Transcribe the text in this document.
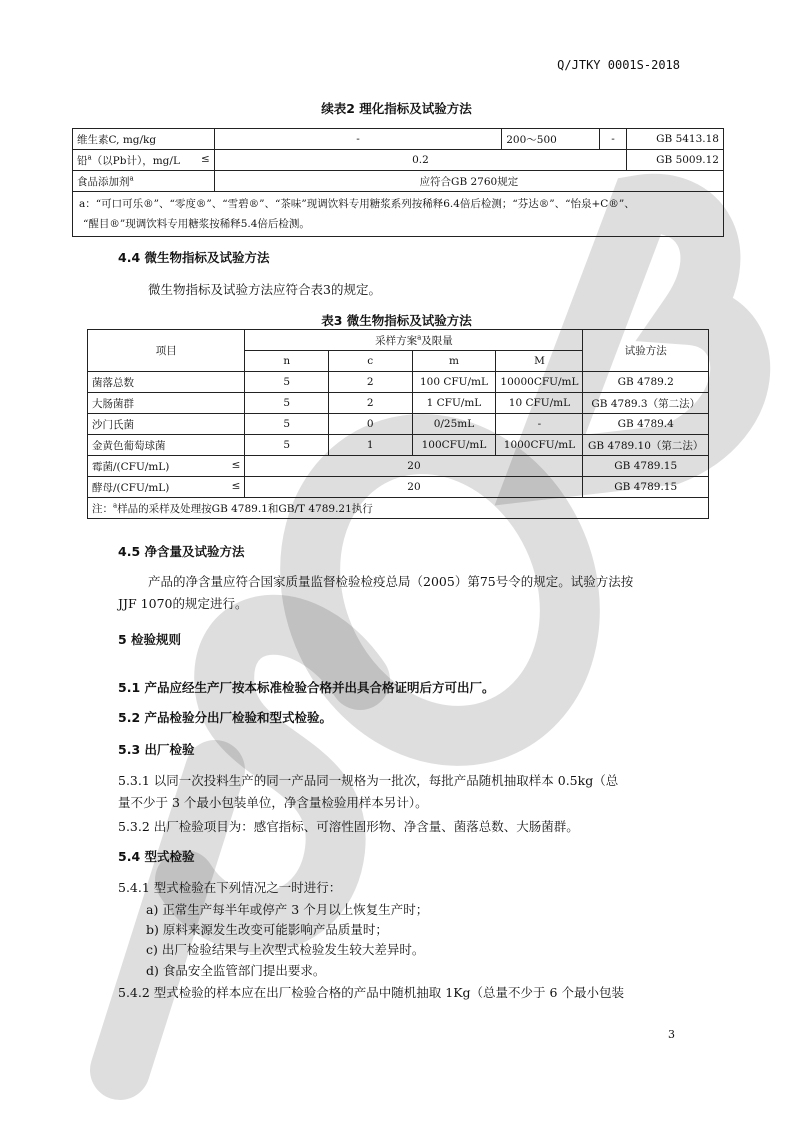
Q/JTKY 0001S-2018
续表2 理化指标及试验方法
维生素C, mg/kg	-	200～500	-	GB 5413.18
铅$^a$（以Pb计），mg/L ≤	0.2			GB 5009.12
食品添加剂$^a$	应符合GB 2760规定			

a：“可口可乐®”、“零度®”、“雪碧®”、“茶味”现调饮料专用糖浆系列按稀释6.4倍后检测；“芬达®”、“怡泉+C®”、
“醒目®”现调饮料专用糖浆按稀释5.4倍后检测。				
4.4 微生物指标及试验方法
微生物指标及试验方法应符合表3的规定。
表3 微生物指标及试验方法
项目	采样方案$^a$及限量				试验方法
	n	c	m	M	
菌落总数	5	2	100 CFU/mL	10000CFU/mL	GB 4789.2
大肠菌群	5	2	1 CFU/mL	10 CFU/mL	GB 4789.3（第二法）
沙门氏菌	5	0	0/25mL	-	GB 4789.4
金黄色葡萄球菌	5	1	100CFU/mL	1000CFU/mL	GB 4789.10（第二法）
霉菌/(CFU/mL) ≤	20				GB 4789.15
酵母/(CFU/mL) ≤	20				GB 4789.15
注：$^a$样品的采样及处理按GB 4789.1和GB/T 4789.21执行					
4.5 净含量及试验方法
产品的净含量应符合国家质量监督检验检疫总局（2005）第75号令的规定。试验方法按
JJF 1070的规定进行。
5 检验规则
5.1 产品应经生产厂按本标准检验合格并出具合格证明后方可出厂。
5.2 产品检验分出厂检验和型式检验。
5.3 出厂检验
5.3.1 以同一次投料生产的同一产品同一规格为一批次，每批产品随机抽取样本 0.5kg（总
量不少于 3 个最小包装单位，净含量检验用样本另计）。
5.3.2 出厂检验项目为：感官指标、可溶性固形物、净含量、菌落总数、大肠菌群。
5.4 型式检验
5.4.1 型式检验在下列情况之一时进行：
a) 正常生产每半年或停产 3 个月以上恢复生产时；
b) 原料来源发生改变可能影响产品质量时；
c) 出厂检验结果与上次型式检验发生较大差异时。
d) 食品安全监管部门提出要求。
5.4.2 型式检验的样本应在出厂检验合格的产品中随机抽取 1Kg（总量不少于 6 个最小包装
3
